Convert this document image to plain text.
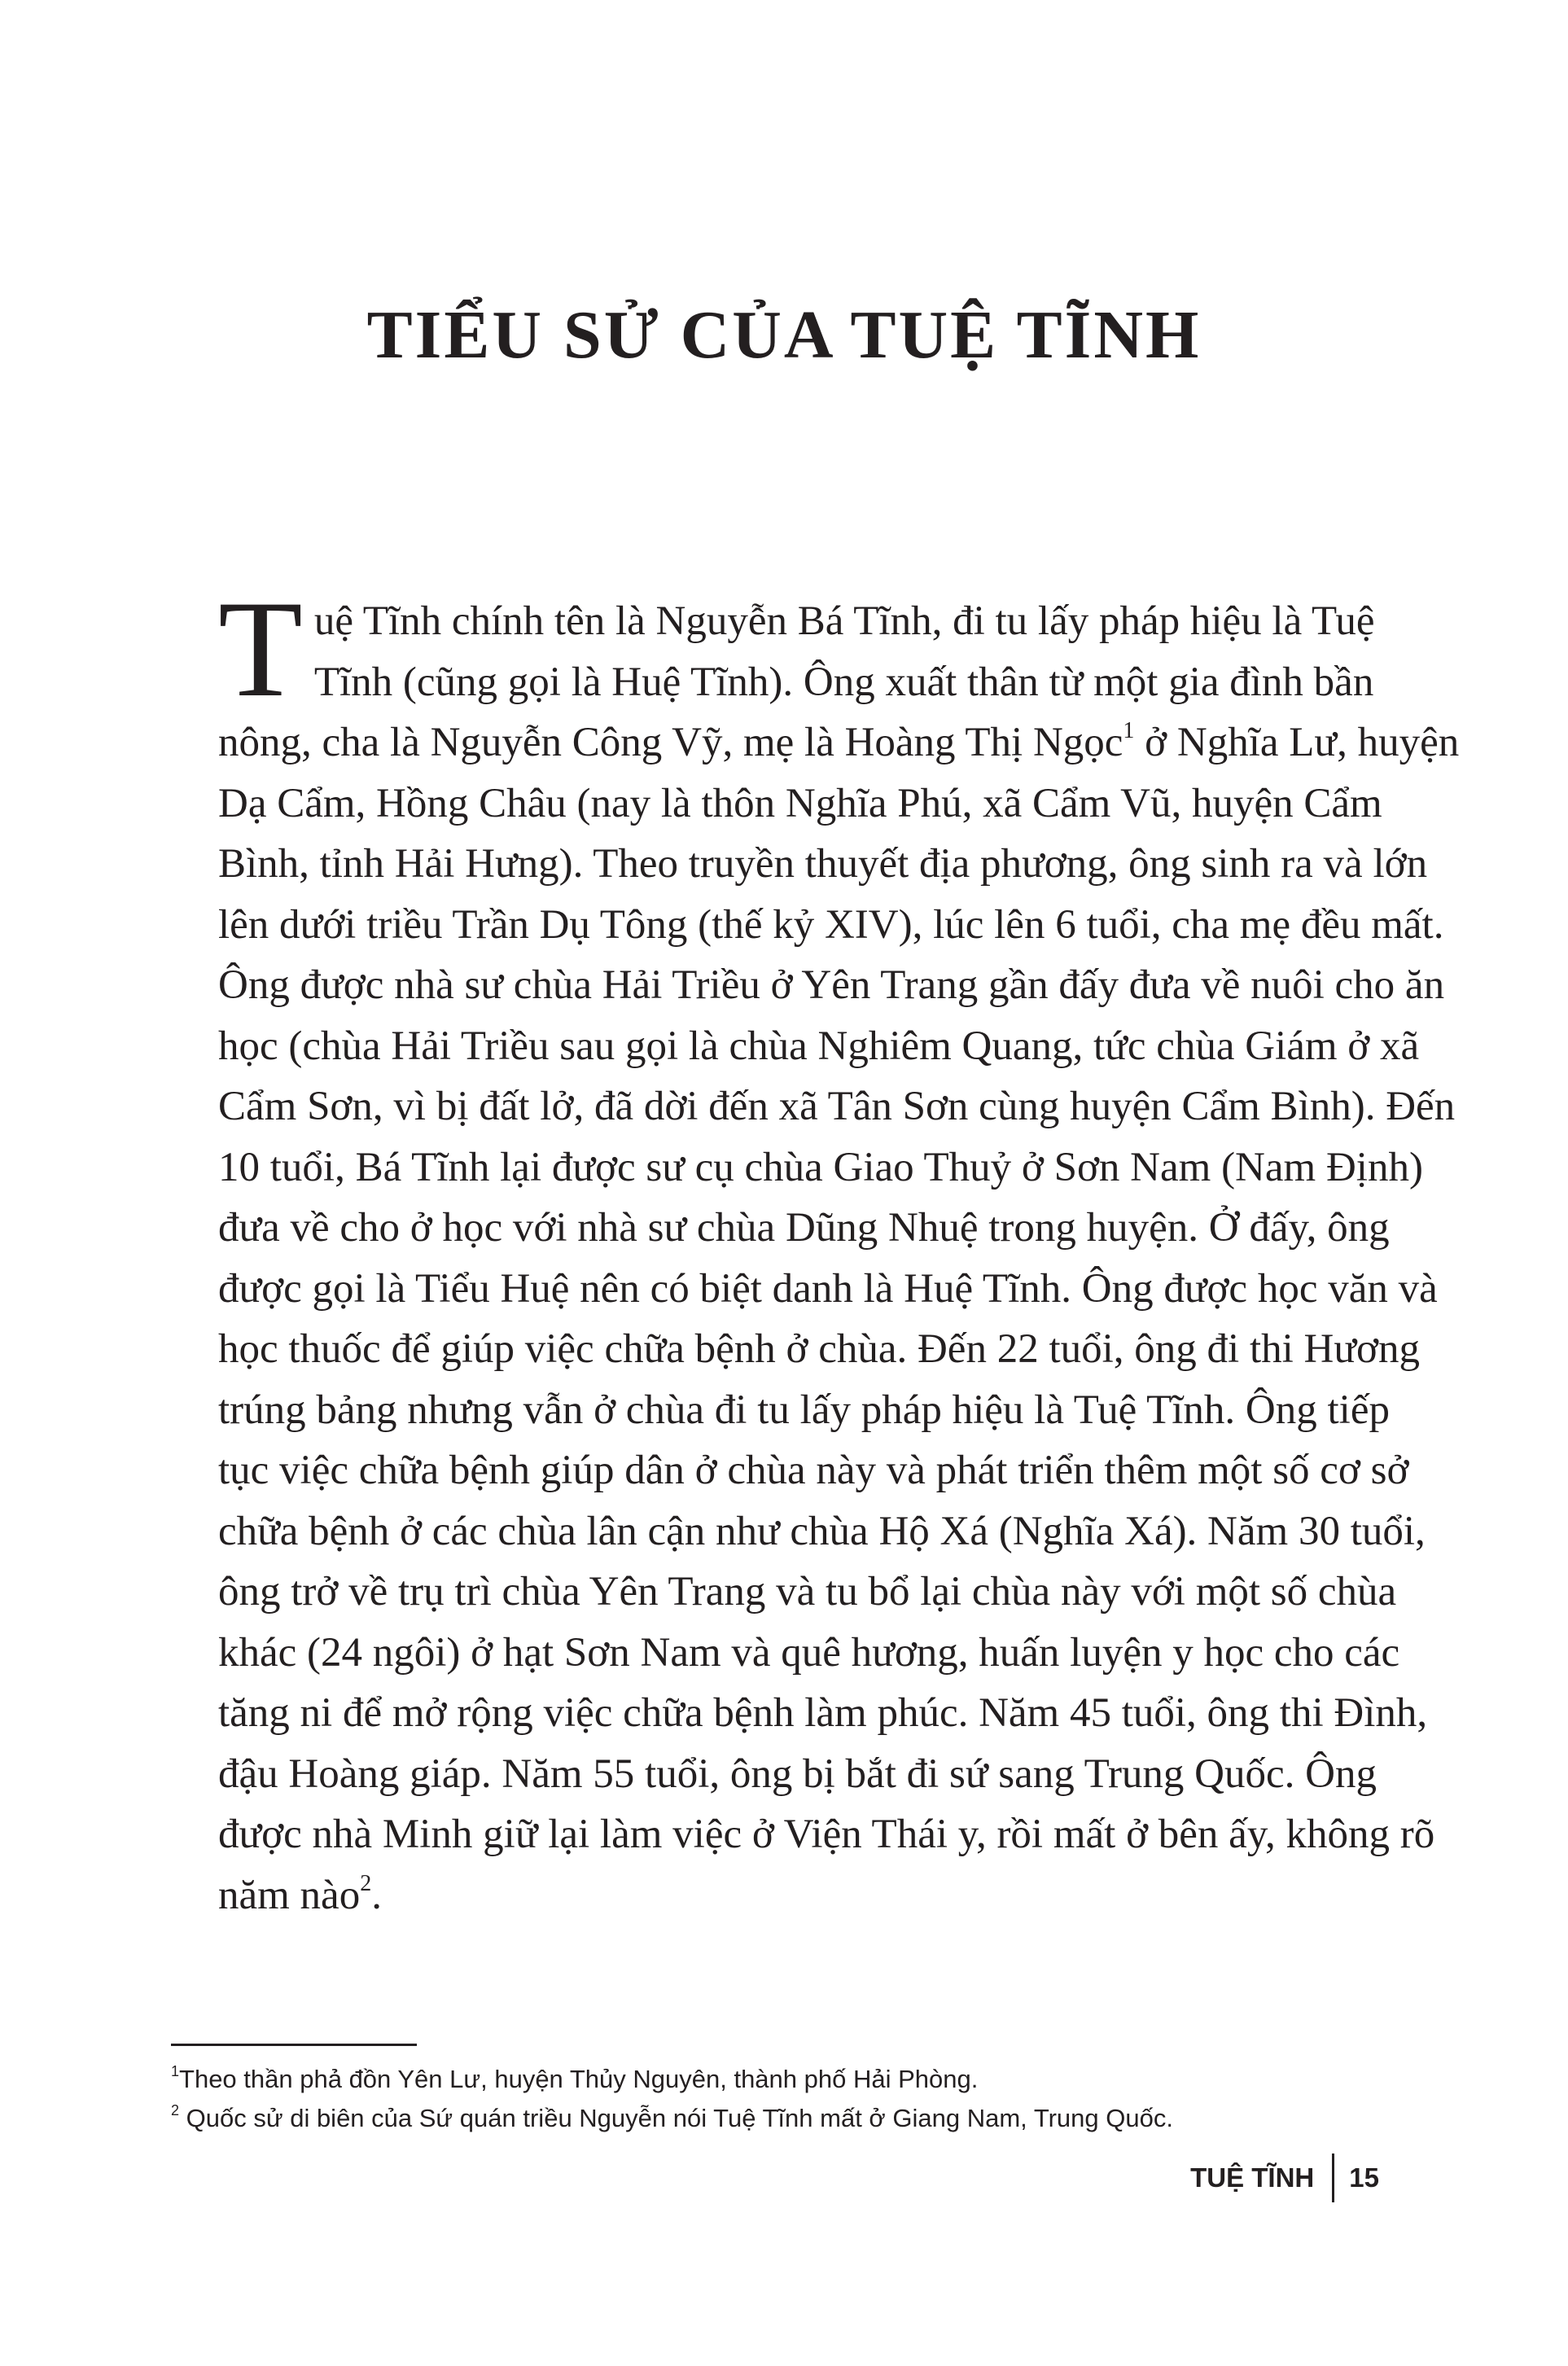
TIỂU SỬ CỦA TUỆ TĨNH
T uệ Tĩnh chính tên là Nguyễn Bá Tĩnh, đi tu lấy pháp hiệu là Tuệ
Tĩnh (cũng gọi là Huệ Tĩnh). Ông xuất thân từ một gia đình bần
nông, cha là Nguyễn Công Vỹ, mẹ là Hoàng Thị Ngọc$^1$ ở Nghĩa Lư, huyện
Dạ Cẩm, Hồng Châu (nay là thôn Nghĩa Phú, xã Cẩm Vũ, huyện Cẩm
Bình, tỉnh Hải Hưng). Theo truyền thuyết địa phương, ông sinh ra và lớn
lên dưới triều Trần Dụ Tông (thế kỷ XIV), lúc lên 6 tuổi, cha mẹ đều mất.
Ông được nhà sư chùa Hải Triều ở Yên Trang gần đấy đưa về nuôi cho ăn
học (chùa Hải Triều sau gọi là chùa Nghiêm Quang, tức chùa Giám ở xã
Cẩm Sơn, vì bị đất lở, đã dời đến xã Tân Sơn cùng huyện Cẩm Bình). Đến
10 tuổi, Bá Tĩnh lại được sư cụ chùa Giao Thuỷ ở Sơn Nam (Nam Định)
đưa về cho ở học với nhà sư chùa Dũng Nhuệ trong huyện. Ở đấy, ông
được gọi là Tiểu Huệ nên có biệt danh là Huệ Tĩnh. Ông được học văn và
học thuốc để giúp việc chữa bệnh ở chùa. Đến 22 tuổi, ông đi thi Hương
trúng bảng nhưng vẫn ở chùa đi tu lấy pháp hiệu là Tuệ Tĩnh. Ông tiếp
tục việc chữa bệnh giúp dân ở chùa này và phát triển thêm một số cơ sở
chữa bệnh ở các chùa lân cận như chùa Hộ Xá (Nghĩa Xá). Năm 30 tuổi,
ông trở về trụ trì chùa Yên Trang và tu bổ lại chùa này với một số chùa
khác (24 ngôi) ở hạt Sơn Nam và quê hương, huấn luyện y học cho các
tăng ni để mở rộng việc chữa bệnh làm phúc. Năm 45 tuổi, ông thi Đình,
đậu Hoàng giáp. Năm 55 tuổi, ông bị bắt đi sứ sang Trung Quốc. Ông
được nhà Minh giữ lại làm việc ở Viện Thái y, rồi mất ở bên ấy, không rõ
năm nào$^2$.
$^1$Theo thần phả đồn Yên Lư, huyện Thủy Nguyên, thành phố Hải Phòng.
$^2$ Quốc sử di biên của Sứ quán triều Nguyễn nói Tuệ Tĩnh mất ở Giang Nam, Trung Quốc.
TUỆ TĨNH 15
